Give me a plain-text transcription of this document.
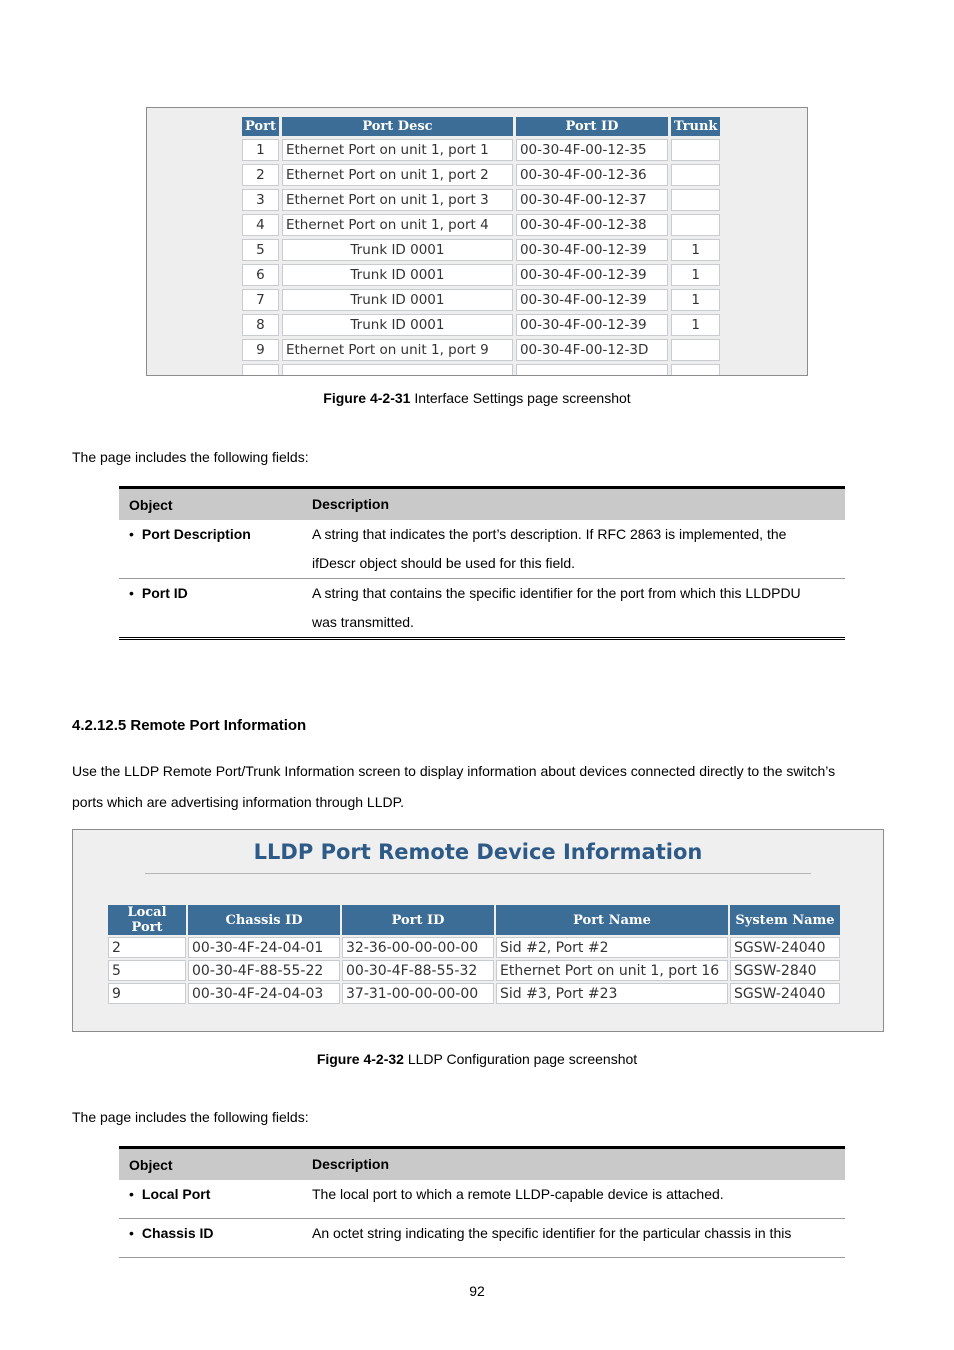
Port	Port Desc	Port ID	Trunk
1	Ethernet Port on unit 1, port 1	00-30-4F-00-12-35	
2	Ethernet Port on unit 1, port 2	00-30-4F-00-12-36	
3	Ethernet Port on unit 1, port 3	00-30-4F-00-12-37	
4	Ethernet Port on unit 1, port 4	00-30-4F-00-12-38	
5	Trunk ID 0001	00-30-4F-00-12-39	1
6	Trunk ID 0001	00-30-4F-00-12-39	1
7	Trunk ID 0001	00-30-4F-00-12-39	1
8	Trunk ID 0001	00-30-4F-00-12-39	1
9	Ethernet Port on unit 1, port 9	00-30-4F-00-12-3D	

Figure 4-2-31 Interface Settings page screenshot
The page includes the following fields:
Object	Description
• Port Description	A string that indicates the port’s description. If RFC 2863 is implemented, the
ifDescr object should be used for this field.
• Port ID	A string that contains the specific identifier for the port from which this LLDPDU
was transmitted.
4.2.12.5 Remote Port Information
Use the LLDP Remote Port/Trunk Information screen to display information about devices connected directly to the switch’s
ports which are advertising information through LLDP.
LLDP Port Remote Device Information
Local Port	Chassis ID	Port ID	Port Name	System Name
2	00-30-4F-24-04-01	32-36-00-00-00-00	Sid #2, Port #2	SGSW-24040
5	00-30-4F-88-55-22	00-30-4F-88-55-32	Ethernet Port on unit 1, port 16	SGSW-2840
9	00-30-4F-24-04-03	37-31-00-00-00-00	Sid #3, Port #23	SGSW-24040
Figure 4-2-32 LLDP Configuration page screenshot
The page includes the following fields:
Object	Description
• Local Port	The local port to which a remote LLDP-capable device is attached.
• Chassis ID	An octet string indicating the specific identifier for the particular chassis in this
92
